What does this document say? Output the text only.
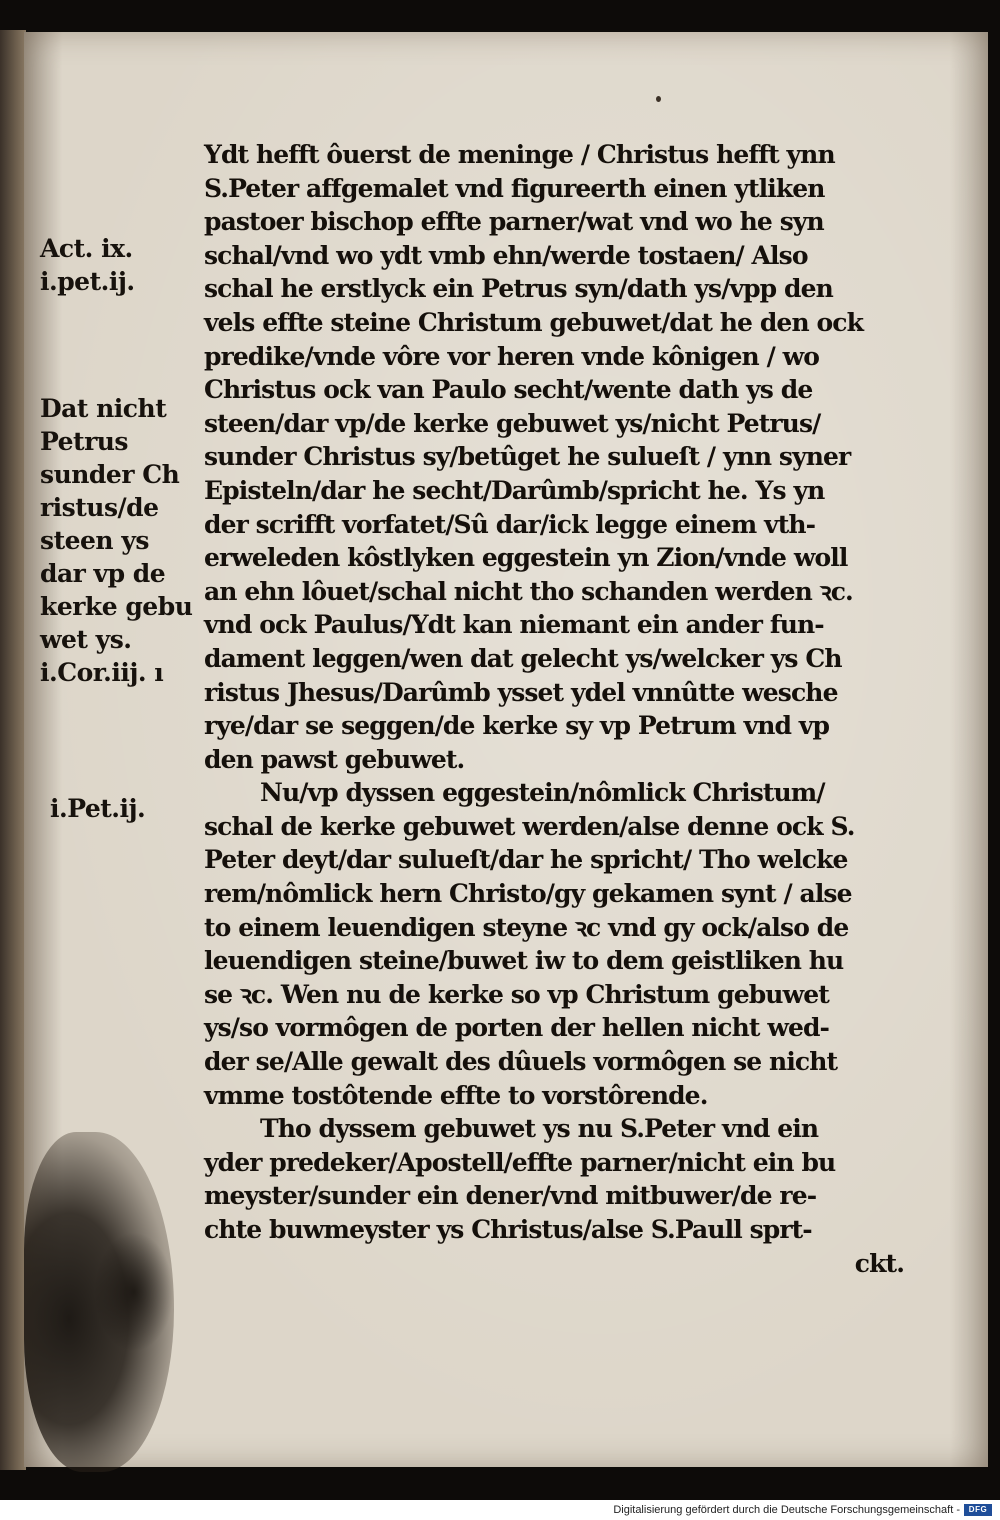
Act. ix.
i.pet.ij.

Dat nicht
Petrus
sunder Ch
ristus/de
steen ys
dar vp de
kerke gebu
wet ys.
i.Cor.iij. ı

i.Pet.ij.

Ydt hefft ôuerst de meninge / Christus hefft ynn
S.Peter affgemalet vnd figureerth einen ytliken
pastoer bischop effte parner/wat vnd wo he syn
schal/vnd wo ydt vmb ehn/werde tostaen/ Also
schal he erstlyck ein Petrus syn/dath ys/vpp den
vels effte steine Christum gebuwet/dat he den ock
predike/vnde vôre vor heren vnde kônigen / wo
Christus ock van Paulo secht/wente dath ys de
steen/dar vp/de kerke gebuwet ys/nicht Petrus/
sunder Christus sy/betûget he sulueſt / ynn syner
Episteln/dar he secht/Darûmb/spricht he. Ys yn
der scrifft vorfatet/Sû dar/ick legge einem vth-
erweleden kôstlyken eggestein yn Zion/vnde woll
an ehn lôuet/schal nicht tho schanden werden ꝛc.
vnd ock Paulus/Ydt kan niemant ein ander fun-
dament leggen/wen dat gelecht ys/welcker ys Ch
ristus Jhesus/Darûmb ysset ydel vnnûtte wesche
rye/dar se seggen/de kerke sy vp Petrum vnd vp
den pawst gebuwet.
Nu/vp dyssen eggestein/nômlick Christum/
schal de kerke gebuwet werden/alse denne ock S.
Peter deyt/dar sulueſt/dar he spricht/ Tho welcke
rem/nômlick hern Christo/gy gekamen synt / alse
to einem leuendigen steyne ꝛc vnd gy ock/also de
leuendigen steine/buwet iw to dem geistliken hu
se ꝛc. Wen nu de kerke so vp Christum gebuwet
ys/so vormôgen de porten der hellen nicht wed-
der se/Alle gewalt des dûuels vormôgen se nicht
vmme tostôtende effte to vorstôrende.
Tho dyssem gebuwet ys nu S.Peter vnd ein
yder predeker/Apostell/effte parner/nicht ein bu
meyster/sunder ein dener/vnd mitbuwer/de re-
chte buwmeyster ys Christus/alse S.Paull sprt-
ckt.
Digitalisierung gefördert durch die Deutsche Forschungsgemeinschaft -	DFG
